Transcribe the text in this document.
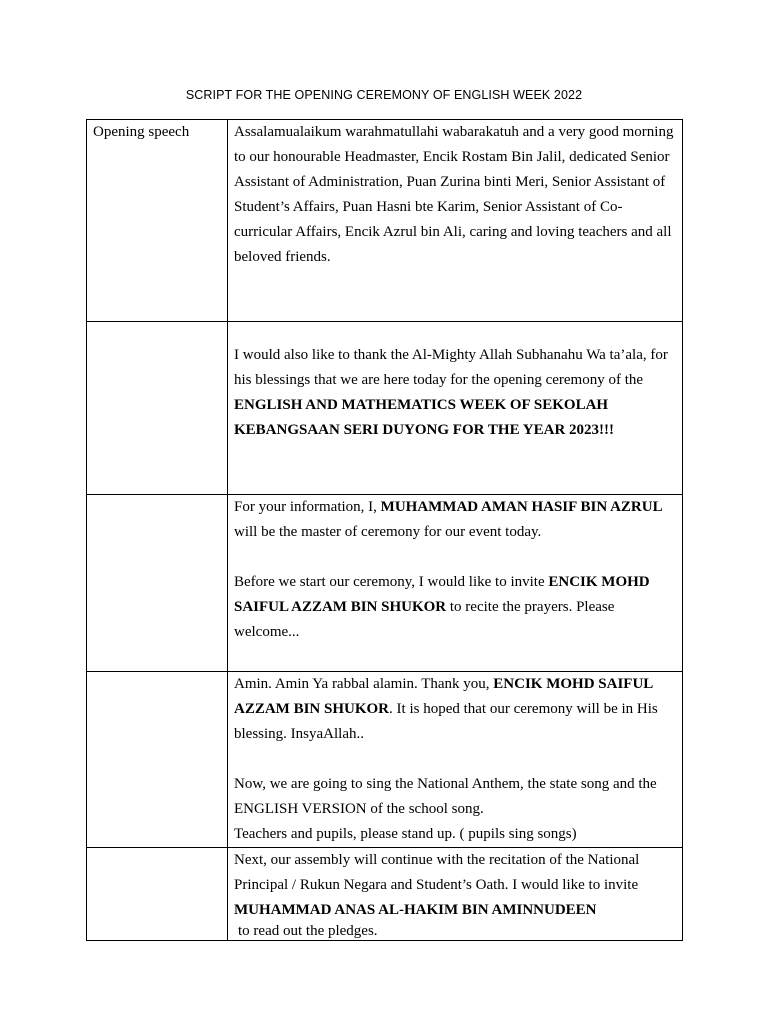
SCRIPT FOR THE OPENING CEREMONY OF ENGLISH WEEK 2022
Opening speech	Assalamualaikum warahmatullahi wabarakatuh and a very good morning to our honourable Headmaster, Encik Rostam Bin Jalil, dedicated Senior Assistant of Administration, Puan Zurina binti Meri, Senior Assistant of Student’s Affairs, Puan Hasni bte Karim, Senior Assistant of Co-curricular Affairs, Encik Azrul bin Ali, caring and loving teachers and all beloved friends.
	I would also like to thank the Al-Mighty Allah Subhanahu Wa ta’ala, for his blessings that we are here today for the opening ceremony of the ENGLISH AND MATHEMATICS WEEK OF SEKOLAH KEBANGSAAN SERI DUYONG FOR THE YEAR 2023!!!

	For your information, I, MUHAMMAD AMAN HASIF BIN AZRUL will be the master of ceremony for our event today.
Before we start our ceremony, I would like to invite ENCIK MOHD SAIFUL AZZAM BIN SHUKOR to recite the prayers. Please welcome...

	Amin. Amin Ya rabbal alamin. Thank you, ENCIK MOHD SAIFUL AZZAM BIN SHUKOR. It is hoped that our ceremony will be in His blessing. InsyaAllah..
Now, we are going to sing the National Anthem, the state song and the ENGLISH VERSION of the school song.
Teachers and pupils, please stand up. ( pupils sing songs)

	Next, our assembly will continue with the recitation of the National Principal / Rukun Negara and Student’s Oath. I would like to invite MUHAMMAD ANAS AL-HAKIM BIN AMINNUDEEN
to read out the pledges.
